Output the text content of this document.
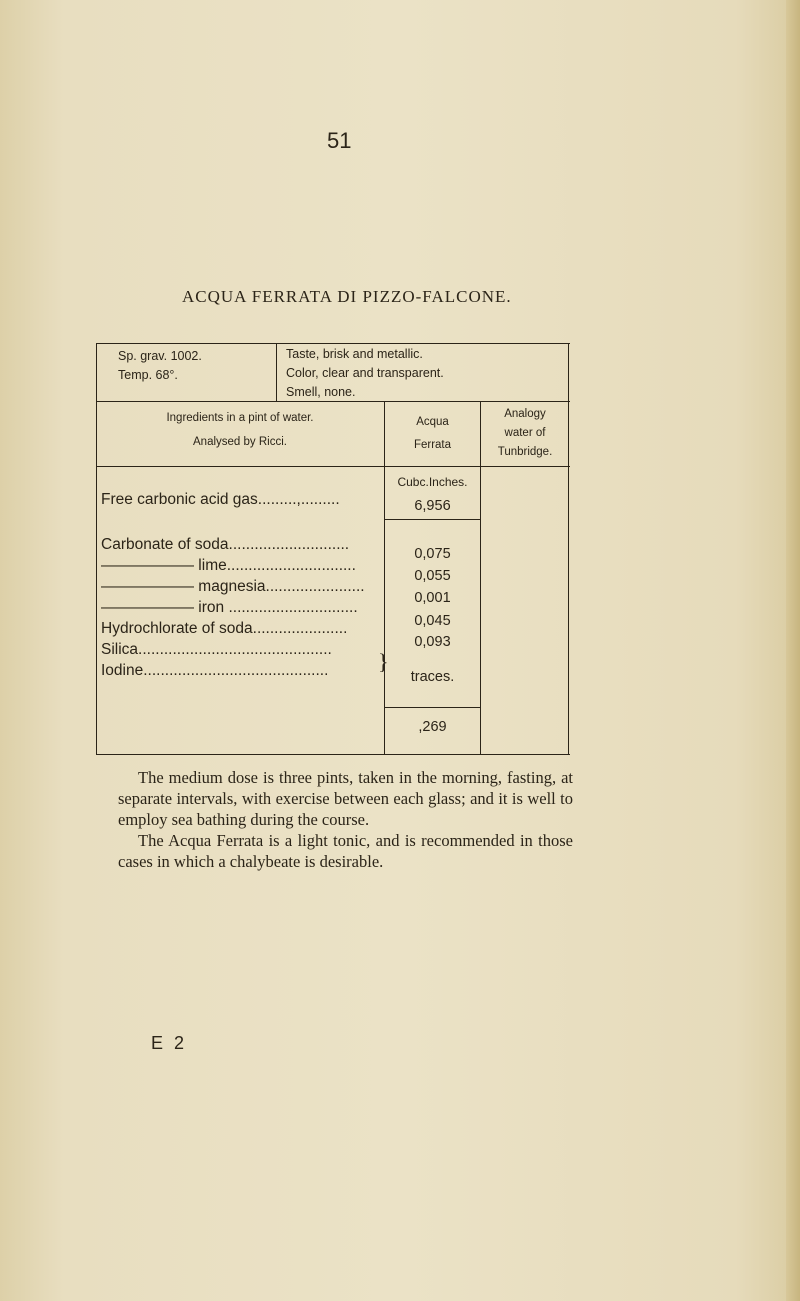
51
ACQUA FERRATA DI PIZZO-FALCONE.
Sp. grav. 1002.
Temp. 68°.
Taste, brisk and metallic.
Color, clear and transparent.
Smell, none.
Ingredients in a pint of water.
Analysed by Ricci.
Acqua
Ferrata
Analogy
water of
Tunbridge.
Cubc.Inches.
Free carbonic acid gas.........,.........	6,956
Carbonate of soda............................
—————— lime..............................
—————— magnesia.......................
—————— iron ..............................
Hydrochlorate of soda......................
Silica.............................................
Iodine........................................... }
0,075
0,055
0,001
0,045
0,093
traces.
,269

The medium dose is three pints, taken in the morning, fasting, at separate intervals, with exercise between each glass; and it is well to employ sea bathing during the course.

The Acqua Ferrata is a light tonic, and is recommended in those cases in which a chalybeate is desirable.

E 2
